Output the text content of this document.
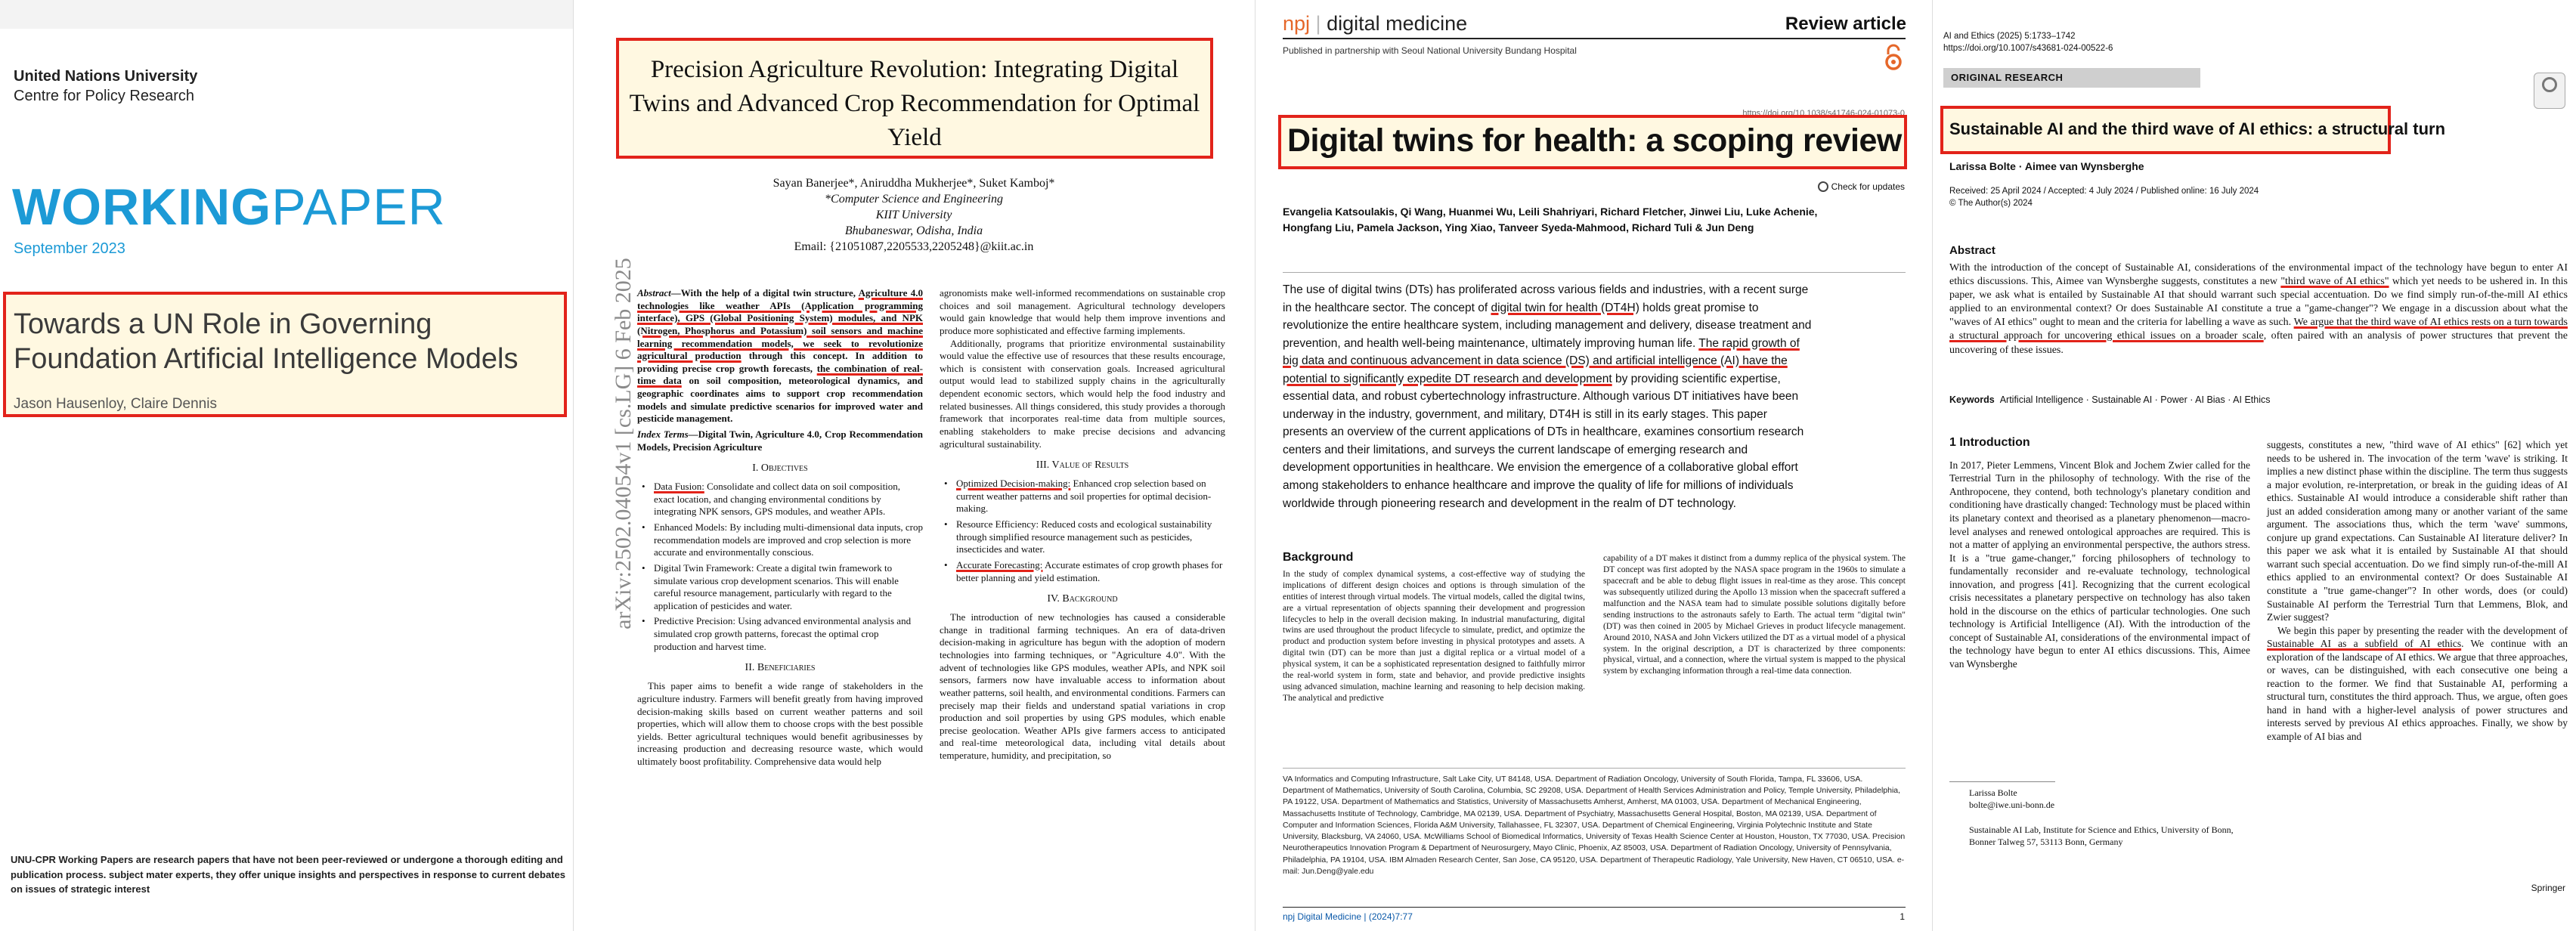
United Nations University
Centre for Policy Research
WORKINGPAPER
September 2023
Towards a UN Role in Governing Foundation Artificial Intelligence Models
Jason Hausenloy, Claire Dennis
UNU-CPR Working Papers are research papers that have not been peer-reviewed or undergone a thorough editing and publication process. subject mater experts, they offer unique insights and perspectives in response to current debates on issues of strategic interest
arXiv:2502.04054v1 [cs.LG] 6 Feb 2025
Precision Agriculture Revolution: Integrating Digital Twins and Advanced Crop Recommendation for Optimal Yield
Sayan Banerjee*, Aniruddha Mukherjee*, Suket Kamboj*
*Computer Science and Engineering
KIIT University
Bhubaneswar, Odisha, India
Email: {21051087,2205533,2205248}@kiit.ac.in

Abstract—With the help of a digital twin structure, Agriculture 4.0 technologies like weather APIs (Application programming interface), GPS (Global Positioning System) modules, and NPK (Nitrogen, Phosphorus and Potassium) soil sensors and machine learning recommendation models, we seek to revolutionize agricultural production through this concept. In addition to providing precise crop growth forecasts, the combination of real-time data on soil composition, meteorological dynamics, and geographic coordinates aims to support crop recommendation models and simulate predictive scenarios for improved water and pesticide management.

Index Terms—Digital Twin, Agriculture 4.0, Crop Recommendation Models, Precision Agriculture

I. Objectives
• Data Fusion: Consolidate and collect data on soil composition, exact location, and changing environmental conditions by integrating NPK sensors, GPS modules, and weather APIs.
• Enhanced Models: By including multi-dimensional data inputs, crop recommendation models are improved and crop selection is more accurate and environmentally conscious.
• Digital Twin Framework: Create a digital twin framework to simulate various crop development scenarios. This will enable careful resource management, particularly with regard to the application of pesticides and water.
• Predictive Precision: Using advanced environmental analysis and simulated crop growth patterns, forecast the optimal crop production and harvest time.
II. Beneficiaries

This paper aims to benefit a wide range of stakeholders in the agriculture industry. Farmers will benefit greatly from having improved decision-making skills based on current weather patterns and soil properties, which will allow them to choose crops with the best possible yields. Better agricultural techniques would benefit agribusinesses by increasing production and decreasing resource waste, which would ultimately boost profitability. Comprehensive data would help

agronomists make well-informed recommendations on sustainable crop choices and soil management. Agricultural technology developers would gain knowledge that would help them improve inventions and produce more sophisticated and effective farming implements.

Additionally, programs that prioritize environmental sustainability would value the effective use of resources that these results encourage, which is consistent with conservation goals. Increased agricultural output would lead to stabilized supply chains in the agriculturally dependent economic sectors, which would help the food industry and related businesses. All things considered, this study provides a thorough framework that incorporates real-time data from multiple sources, enabling stakeholders to make precise decisions and advancing agricultural sustainability.

III. Value of Results
• Optimized Decision-making: Enhanced crop selection based on current weather patterns and soil properties for optimal decision-making.
• Resource Efficiency: Reduced costs and ecological sustainability through simplified resource management such as pesticides, insecticides and water.
• Accurate Forecasting: Accurate estimates of crop growth phases for better planning and yield estimation.
IV. Background

The introduction of new technologies has caused a considerable change in traditional farming techniques. An era of data-driven decision-making in agriculture has begun with the adoption of modern technologies into farming techniques, or "Agriculture 4.0". With the advent of technologies like GPS modules, weather APIs, and NPK soil sensors, farmers now have invaluable access to information about weather patterns, soil health, and environmental conditions. Farmers can precisely map their fields and understand spatial variations in crop production and soil properties by using GPS modules, which enable precise geolocation. Weather APIs give farmers access to anticipated and real-time meteorological data, including vital details about temperature, humidity, and precipitation, so

npj | digital medicine	Review article
Published in partnership with Seoul National University Bundang Hospital
https://doi.org/10.1038/s41746-024-01073-0
Digital twins for health: a scoping review
Check for updates
Evangelia Katsoulakis, Qi Wang, Huanmei Wu, Leili Shahriyari, Richard Fletcher, Jinwei Liu, Luke Achenie, Hongfang Liu, Pamela Jackson, Ying Xiao, Tanveer Syeda-Mahmood, Richard Tuli & Jun Deng

The use of digital twins (DTs) has proliferated across various fields and industries, with a recent surge in the healthcare sector. The concept of digital twin for health (DT4H) holds great promise to revolutionize the entire healthcare system, including management and delivery, disease treatment and prevention, and health well-being maintenance, ultimately improving human life. The rapid growth of big data and continuous advancement in data science (DS) and artificial intelligence (AI) have the potential to significantly expedite DT research and development by providing scientific expertise, essential data, and robust cybertechnology infrastructure. Although various DT initiatives have been underway in the industry, government, and military, DT4H is still in its early stages. This paper presents an overview of the current applications of DTs in healthcare, examines consortium research centers and their limitations, and surveys the current landscape of emerging research and development opportunities in healthcare. We envision the emergence of a collaborative global effort among stakeholders to enhance healthcare and improve the quality of life for millions of individuals worldwide through pioneering research and development in the realm of DT technology.

Background

In the study of complex dynamical systems, a cost-effective way of studying the implications of different design choices and options is through simulation of the entities of interest through virtual models. The virtual models, called the digital twins, are a virtual representation of objects spanning their development and progression lifecycles to help in the overall decision making. In industrial manufacturing, digital twins are used throughout the product lifecycle to simulate, predict, and optimize the product and production system before investing in physical prototypes and assets. A digital twin (DT) can be more than just a digital replica or a virtual model of a physical system, it can be a sophisticated representation designed to faithfully mirror the real-world system in form, state and behavior, and provide predictive insights using advanced simulation, machine learning and reasoning to help decision making. The analytical and predictive

capability of a DT makes it distinct from a dummy replica of the physical system. The DT concept was first adopted by the NASA space program in the 1960s to simulate a spacecraft and be able to debug flight issues in real-time as they arose. This concept was subsequently utilized during the Apollo 13 mission when the spacecraft suffered a malfunction and the NASA team had to simulate possible solutions digitally before sending instructions to the astronauts safely to Earth. The actual term "digital twin" (DT) was then coined in 2005 by Michael Grieves in product lifecycle management. Around 2010, NASA and John Vickers utilized the DT as a virtual model of a physical system. In the original description, a DT is characterized by three components: physical, virtual, and a connection, where the virtual system is mapped to the physical system by exchanging information through a real-time data connection.

VA Informatics and Computing Infrastructure, Salt Lake City, UT 84148, USA. Department of Radiation Oncology, University of South Florida, Tampa, FL 33606, USA. Department of Mathematics, University of South Carolina, Columbia, SC 29208, USA. Department of Health Services Administration and Policy, Temple University, Philadelphia, PA 19122, USA. Department of Mathematics and Statistics, University of Massachusetts Amherst, Amherst, MA 01003, USA. Department of Mechanical Engineering, Massachusetts Institute of Technology, Cambridge, MA 02139, USA. Department of Psychiatry, Massachusetts General Hospital, Boston, MA 02139, USA. Department of Computer and Information Sciences, Florida A&M University, Tallahassee, FL 32307, USA. Department of Chemical Engineering, Virginia Polytechnic Institute and State University, Blacksburg, VA 24060, USA. McWilliams School of Biomedical Informatics, University of Texas Health Science Center at Houston, Houston, TX 77030, USA. Precision Neurotherapeutics Innovation Program & Department of Neurosurgery, Mayo Clinic, Phoenix, AZ 85003, USA. Department of Radiation Oncology, University of Pennsylvania, Philadelphia, PA 19104, USA. IBM Almaden Research Center, San Jose, CA 95120, USA. Department of Therapeutic Radiology, Yale University, New Haven, CT 06510, USA. e-mail: Jun.Deng@yale.edu

npj Digital Medicine | (2024)7:77	1
AI and Ethics (2025) 5:1733–1742
https://doi.org/10.1007/s43681-024-00522-6
ORIGINAL RESEARCH
Sustainable AI and the third wave of AI ethics: a structural turn
Larissa Bolte · Aimee van Wynsberghe
Received: 25 April 2024 / Accepted: 4 July 2024 / Published online: 16 July 2024
© The Author(s) 2024
Abstract

With the introduction of the concept of Sustainable AI, considerations of the environmental impact of the technology have begun to enter AI ethics discussions. This, Aimee van Wynsberghe suggests, constitutes a new "third wave of AI ethics" which yet needs to be ushered in. In this paper, we ask what is entailed by Sustainable AI that should warrant such special accentuation. Do we find simply run-of-the-mill AI ethics applied to an environmental context? Or does Sustainable AI constitute a true a "game-changer"? We engage in a discussion about what the "waves of AI ethics" ought to mean and the criteria for labelling a wave as such. We argue that the third wave of AI ethics rests on a turn towards a structural approach for uncovering ethical issues on a broader scale, often paired with an analysis of power structures that prevent the uncovering of these issues.

Keywords Artificial Intelligence · Sustainable AI · Power · AI Bias · AI Ethics
1 Introduction

In 2017, Pieter Lemmens, Vincent Blok and Jochem Zwier called for the Terrestrial Turn in the philosophy of technology. With the rise of the Anthropocene, they contend, both technology's planetary condition and conditioning have drastically changed: Technology must be placed within its planetary context and theorised as a planetary phenomenon—macro-level analyses and renewed ontological approaches are required. This is not a matter of applying an environmental perspective, the authors stress. It is a "true game-changer," forcing philosophers of technology to fundamentally reconsider and re-evaluate technology, technological innovation, and progress [41]. Recognizing that the current ecological crisis necessitates a planetary perspective on technology has also taken hold in the discourse on the ethics of particular technologies. One such technology is Artificial Intelligence (AI). With the introduction of the concept of Sustainable AI, considerations of the environmental impact of the technology have begun to enter AI ethics discussions. This, Aimee van Wynsberghe

suggests, constitutes a new, "third wave of AI ethics" [62] which yet needs to be ushered in. The invocation of the term 'wave' is striking. It implies a new distinct phase within the discipline. The term thus suggests a major evolution, re-interpretation, or break in the guiding ideas of AI ethics. Sustainable AI would introduce a considerable shift rather than just an added consideration among many or another variant of the same argument. The associations thus, which the term 'wave' summons, conjure up grand expectations. Can Sustainable AI literature deliver? In this paper we ask what it is entailed by Sustainable AI that should warrant such special accentuation. Do we find simply run-of-the-mill AI ethics applied to an environmental context? Or does Sustainable AI constitute a "true game-changer"? In other words, does (or could) Sustainable AI perform the Terrestrial Turn that Lemmens, Blok, and Zwier suggest?

We begin this paper by presenting the reader with the development of Sustainable AI as a subfield of AI ethics. We continue with an exploration of the landscape of AI ethics. We argue that three approaches, or waves, can be distinguished, with each consecutive one being a reaction to the former. We find that Sustainable AI, performing a structural turn, constitutes the third approach. Thus, we argue, often goes hand in hand with a higher-level analysis of power structures and interests served by previous AI ethics approaches. Finally, we show by example of AI bias and

Larissa Bolte
bolte@iwe.uni-bonn.de
Sustainable AI Lab, Institute for Science and Ethics, University of Bonn, Bonner Talweg 57, 53113 Bonn, Germany
Springer
